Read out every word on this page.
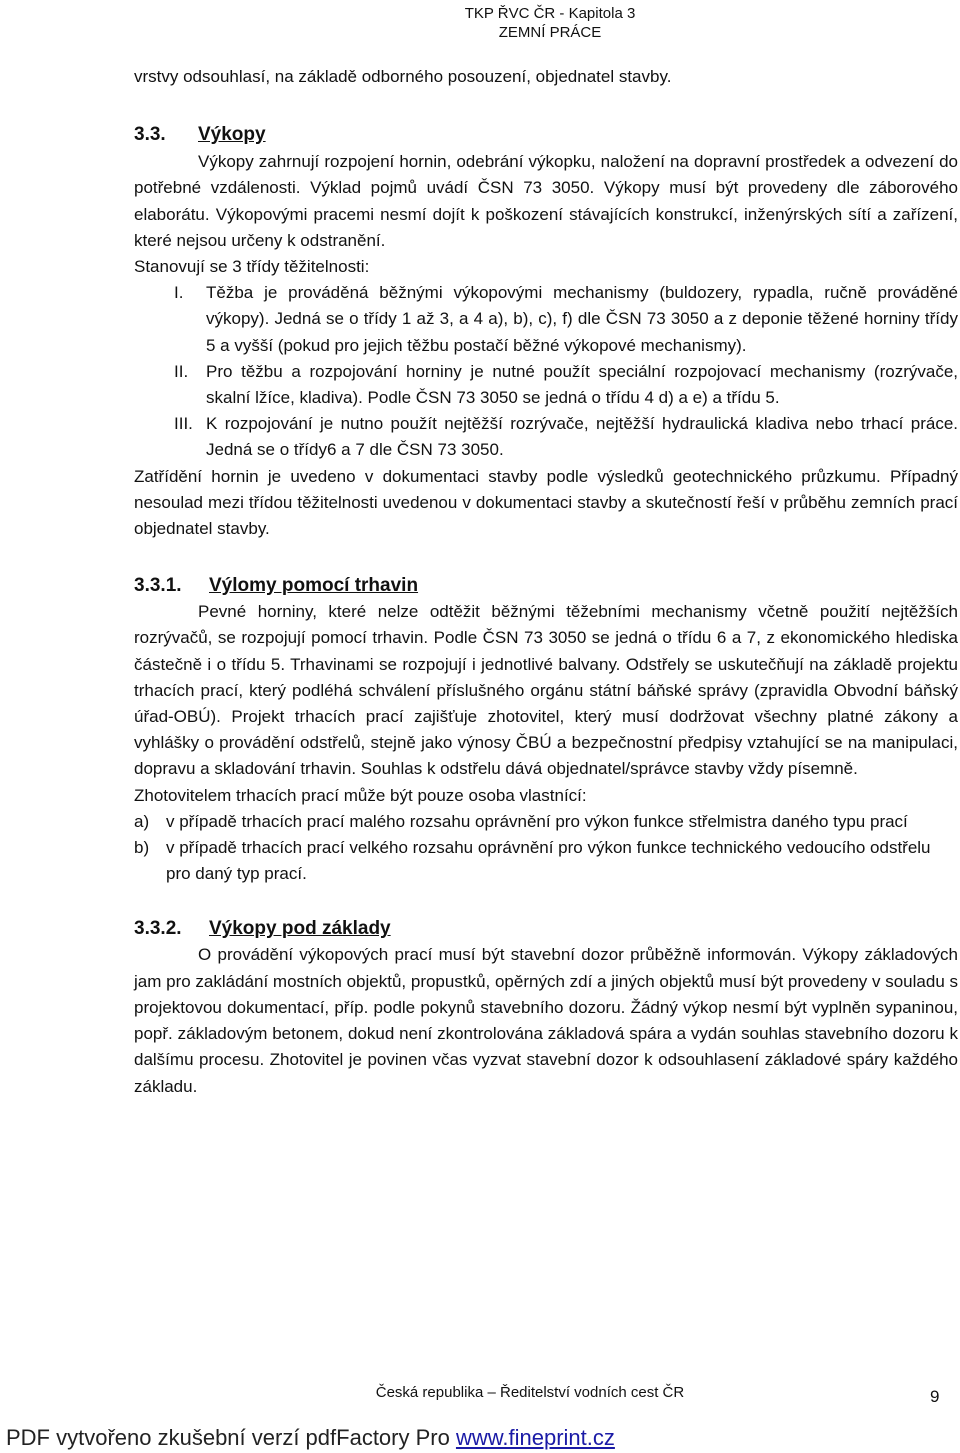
TKP ŘVC ČR - Kapitola 3
ZEMNÍ PRÁCE

vrstvy odsouhlasí, na základě odborného posouzení, objednatel stavby.

3.3. Výkopy

Výkopy zahrnují rozpojení hornin, odebrání výkopku, naložení na dopravní prostředek a odvezení do potřebné vzdálenosti. Výklad pojmů uvádí ČSN 73 3050. Výkopy musí být provedeny dle záborového elaborátu. Výkopovými pracemi nesmí dojít k poškození stávajících konstrukcí, inženýrských sítí a zařízení, které nejsou určeny k odstranění.

Stanovují se 3 třídy těžitelnosti:

I.	Těžba je prováděná běžnými výkopovými mechanismy (buldozery, rypadla, ručně prováděné výkopy). Jedná se o třídy 1 až 3, a 4 a), b), c), f) dle ČSN 73 3050 a z deponie těžené horniny třídy 5 a vyšší (pokud pro jejich těžbu postačí běžné výkopové mechanismy).
II.	Pro těžbu a rozpojování horniny je nutné použít speciální rozpojovací mechanismy (rozrývače, skalní lžíce, kladiva). Podle ČSN 73 3050 se jedná o třídu 4 d) a e) a třídu 5.
III. K rozpojování je nutno použít nejtěžší rozrývače, nejtěžší hydraulická kladiva nebo trhací práce. Jedná se o třídy6 a 7 dle ČSN 73 3050.

Zatřídění hornin je uvedeno v dokumentaci stavby podle výsledků geotechnického průzkumu. Případný nesoulad mezi třídou těžitelnosti uvedenou v dokumentaci stavby a skutečností řeší v průběhu zemních prací objednatel stavby.

3.3.1. Výlomy pomocí trhavin

Pevné horniny, které nelze odtěžit běžnými těžebními mechanismy včetně použití nejtěžších rozrývačů, se rozpojují pomocí trhavin. Podle ČSN 73 3050 se jedná o třídu 6 a 7, z ekonomického hlediska částečně i o třídu 5. Trhavinami se rozpojují i jednotlivé balvany. Odstřely se uskutečňují na základě projektu trhacích prací, který podléhá schválení příslušného orgánu státní báňské správy (zpravidla Obvodní báňský úřad-OBÚ). Projekt trhacích prací zajišťuje zhotovitel, který musí dodržovat všechny platné zákony a vyhlášky o provádění odstřelů, stejně jako výnosy ČBÚ a bezpečnostní předpisy vztahující se na manipulaci, dopravu a skladování trhavin. Souhlas k odstřelu dává objednatel/správce stavby vždy písemně.

Zhotovitelem trhacích prací může být pouze osoba vlastnící:

a) v případě trhacích prací malého rozsahu oprávnění pro výkon funkce střelmistra daného typu prací
b) v případě trhacích prací velkého rozsahu oprávnění pro výkon funkce technického vedoucího odstřelu pro daný typ prací.
3.3.2. Výkopy pod základy

O provádění výkopových prací musí být stavební dozor průběžně informován. Výkopy základových jam pro zakládání mostních objektů, propustků, opěrných zdí a jiných objektů musí být provedeny v souladu s projektovou dokumentací, příp. podle pokynů stavebního dozoru. Žádný výkop nesmí být vyplněn sypaninou, popř. základovým betonem, dokud není zkontrolována základová spára a vydán souhlas stavebního dozoru k dalšímu procesu. Zhotovitel je povinen včas vyzvat stavební dozor k odsouhlasení základové spáry každého základu.

Česká republika – Ředitelství vodních cest ČR	9
PDF vytvořeno zkušební verzí pdfFactory Pro www.fineprint.cz
